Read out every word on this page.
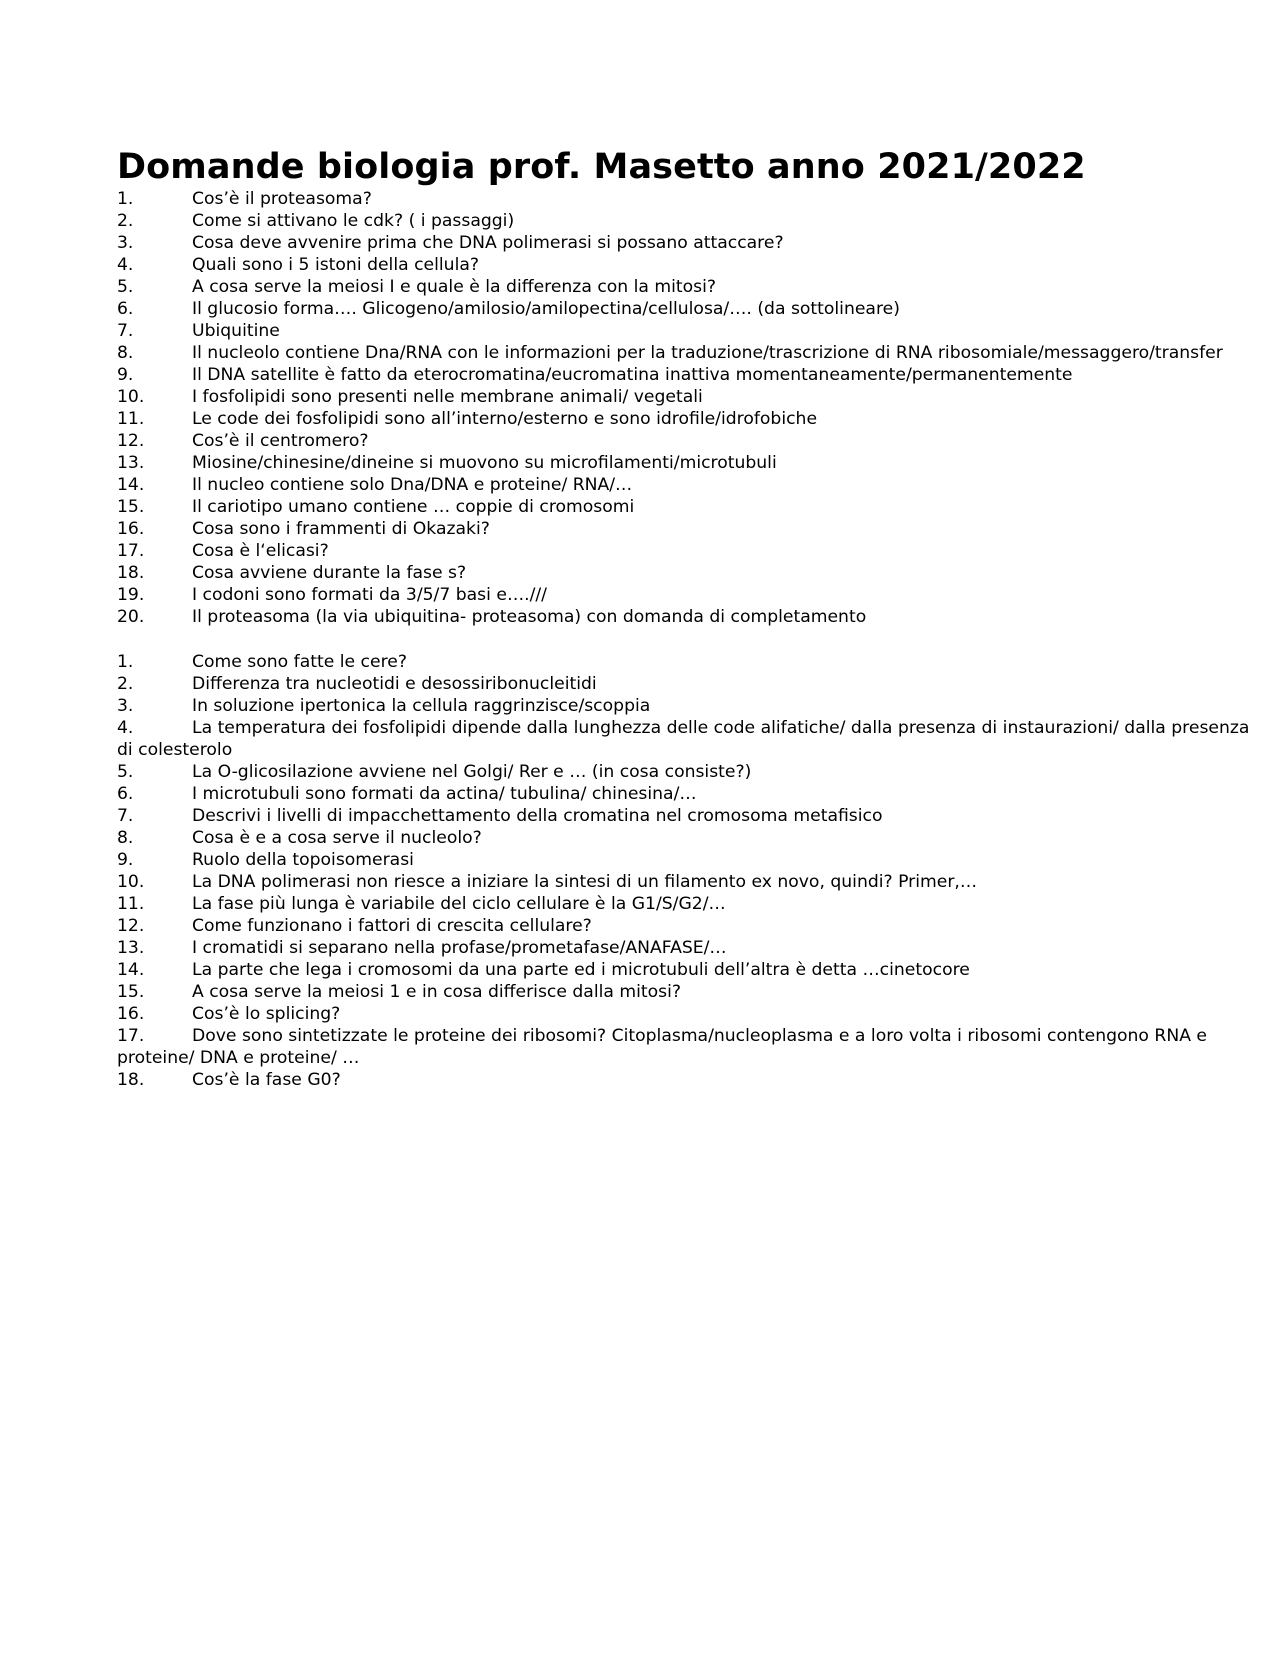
Domande biologia prof. Masetto anno 2021/2022
1.	Cos’è il proteasoma?
2.	Come si attivano le cdk? ( i passaggi)
3.	Cosa deve avvenire prima che DNA polimerasi si possano attaccare?
4.	Quali sono i 5 istoni della cellula?
5.	A cosa serve la meiosi I e quale è la differenza con la mitosi?
6.	Il glucosio forma…. Glicogeno/amilosio/amilopectina/cellulosa/…. (da sottolineare)
7.	Ubiquitine
8.	Il nucleolo contiene Dna/RNA con le informazioni per la traduzione/trascrizione di RNA ribosomiale/messaggero/transfer
9.	Il DNA satellite è fatto da eterocromatina/eucromatina inattiva momentaneamente/permanentemente
10.	I fosfolipidi sono presenti nelle membrane animali/ vegetali
11.	Le code dei fosfolipidi sono all’interno/esterno e sono idrofile/idrofobiche
12.	Cos’è il centromero?
13.	Miosine/chinesine/dineine si muovono su microfilamenti/microtubuli
14.	Il nucleo contiene solo Dna/DNA e proteine/ RNA/…
15.	Il cariotipo umano contiene … coppie di cromosomi
16.	Cosa sono i frammenti di Okazaki?
17.	Cosa è l‘elicasi?
18.	Cosa avviene durante la fase s?
19.	I codoni sono formati da 3/5/7 basi e….///
20.	Il proteasoma (la via ubiquitina- proteasoma) con domanda di completamento
1.	Come sono fatte le cere?
2.	Differenza tra nucleotidi e desossiribonucleitidi
3.	In soluzione ipertonica la cellula raggrinzisce/scoppia
4.	La temperatura dei fosfolipidi dipende dalla lunghezza delle code alifatiche/ dalla presenza di instaurazioni/ dalla presenza di colesterolo
5.	La O-glicosilazione avviene nel Golgi/ Rer e … (in cosa consiste?)
6.	I microtubuli sono formati da actina/ tubulina/ chinesina/…
7.	Descrivi i livelli di impacchettamento della cromatina nel cromosoma metafisico
8.	Cosa è e a cosa serve il nucleolo?
9.	Ruolo della topoisomerasi
10.	La DNA polimerasi non riesce a iniziare la sintesi di un filamento ex novo, quindi? Primer,…
11.	La fase più lunga è variabile del ciclo cellulare è la G1/S/G2/…
12.	Come funzionano i fattori di crescita cellulare?
13.	I cromatidi si separano nella profase/prometafase/ANAFASE/…
14.	La parte che lega i cromosomi da una parte ed i microtubuli dell’altra è detta …cinetocore
15.	A cosa serve la meiosi 1 e in cosa differisce dalla mitosi?
16.	Cos’è lo splicing?
17.	Dove sono sintetizzate le proteine dei ribosomi? Citoplasma/nucleoplasma e a loro volta i ribosomi contengono RNA e proteine/ DNA e proteine/ …
18.	Cos’è la fase G0?
